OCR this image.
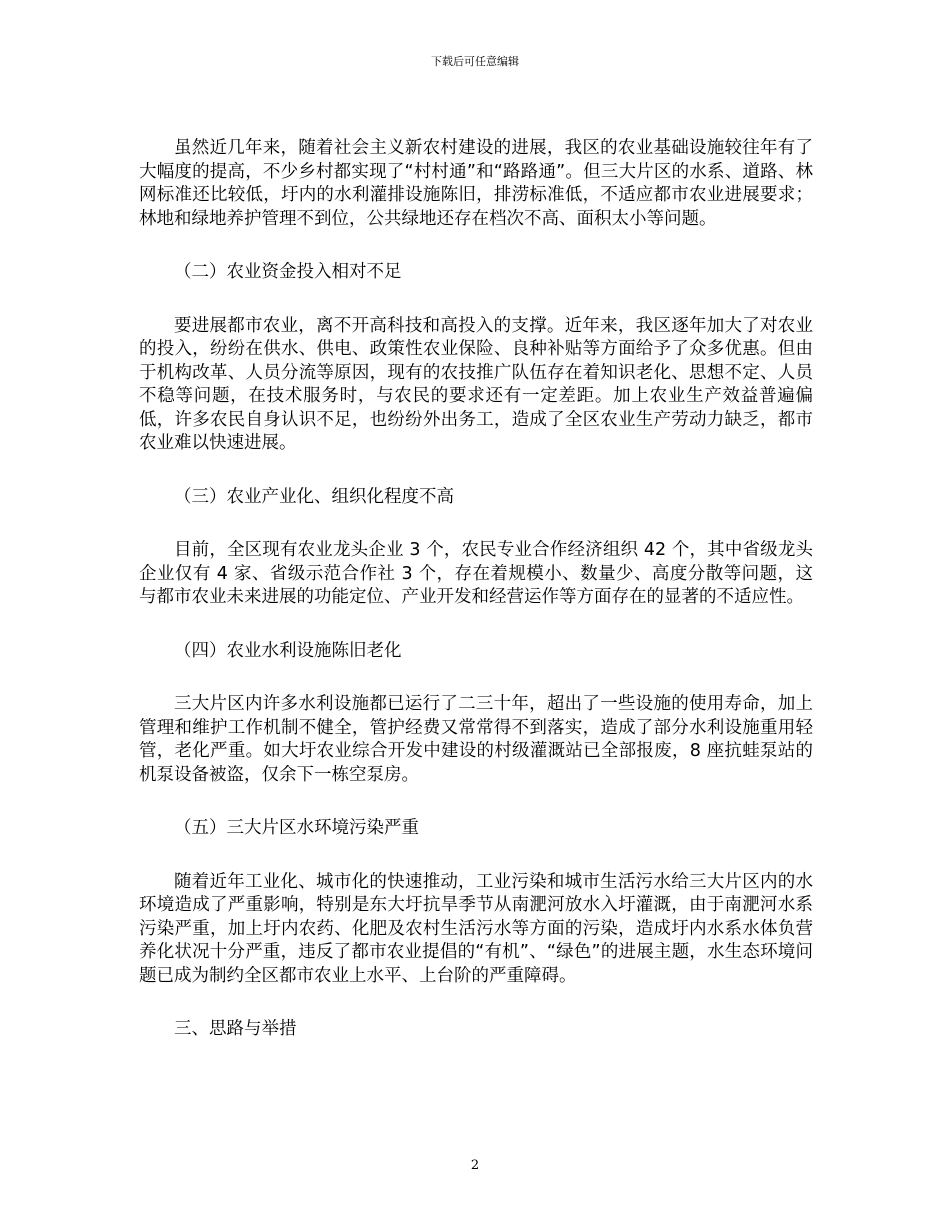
下载后可任意编辑

虽然近几年来，随着社会主义新农村建设的进展，我区的农业基础设施较往年有了大幅度的提高，不少乡村都实现了“村村通”和“路路通”。但三大片区的水系、道路、林网标准还比较低，圩内的水利灌排设施陈旧，排涝标准低，不适应都市农业进展要求；林地和绿地养护管理不到位，公共绿地还存在档次不高、面积太小等问题。

（二）农业资金投入相对不足

要进展都市农业，离不开高科技和高投入的支撑。近年来，我区逐年加大了对农业的投入，纷纷在供水、供电、政策性农业保险、良种补贴等方面给予了众多优惠。但由于机构改革、人员分流等原因，现有的农技推广队伍存在着知识老化、思想不定、人员不稳等问题，在技术服务时，与农民的要求还有一定差距。加上农业生产效益普遍偏低，许多农民自身认识不足，也纷纷外出务工，造成了全区农业生产劳动力缺乏，都市农业难以快速进展。

（三）农业产业化、组织化程度不高

目前，全区现有农业龙头企业 3 个，农民专业合作经济组织 42 个，其中省级龙头企业仅有 4 家、省级示范合作社 3 个，存在着规模小、数量少、高度分散等问题，这与都市农业未来进展的功能定位、产业开发和经营运作等方面存在的显著的不适应性。

（四）农业水利设施陈旧老化

三大片区内许多水利设施都已运行了二三十年，超出了一些设施的使用寿命，加上管理和维护工作机制不健全，管护经费又常常得不到落实，造成了部分水利设施重用轻管，老化严重。如大圩农业综合开发中建设的村级灌溉站已全部报废，8 座抗蛙泵站的机泵设备被盗，仅余下一栋空泵房。

（五）三大片区水环境污染严重

随着近年工业化、城市化的快速推动，工业污染和城市生活污水给三大片区内的水环境造成了严重影响，特别是东大圩抗旱季节从南淝河放水入圩灌溉，由于南淝河水系污染严重，加上圩内农药、化肥及农村生活污水等方面的污染，造成圩内水系水体负营养化状况十分严重，违反了都市农业提倡的“有机”、“绿色”的进展主题，水生态环境问题已成为制约全区都市农业上水平、上台阶的严重障碍。

三、思路与举措

2
